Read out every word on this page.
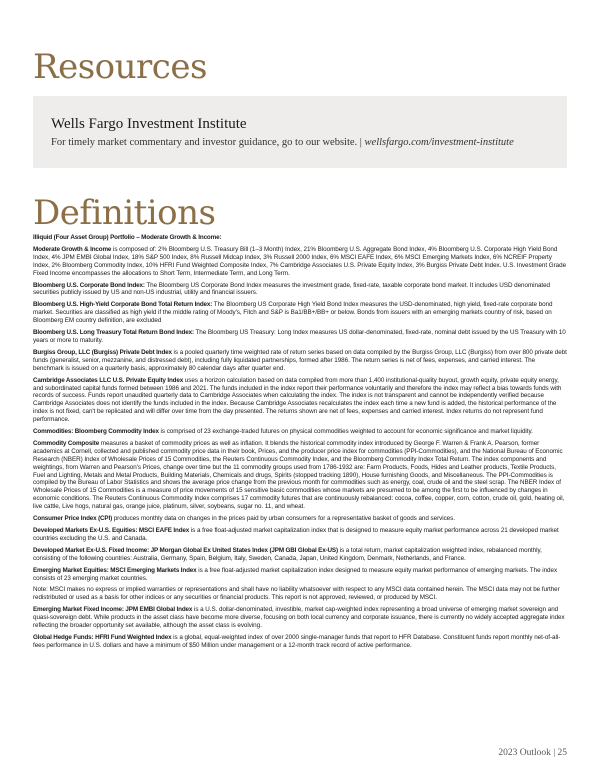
Resources
Wells Fargo Investment Institute
For timely market commentary and investor guidance, go to our website. | wellsfargo.com/investment-institute
Definitions

Illiquid (Four Asset Group) Portfolio – Moderate Growth & Income:

Moderate Growth & Income is composed of: 2% Bloomberg U.S. Treasury Bill (1–3 Month) Index, 21% Bloomberg U.S. Aggregate Bond Index, 4% Bloomberg U.S. Corporate High Yield Bond Index, 4% JPM EMBI Global Index, 18% S&P 500 Index, 8% Russell Midcap Index, 3% Russell 2000 Index, 6% MSCI EAFE Index, 6% MSCI Emerging Markets Index, 6% NCREIF Property Index, 2% Bloomberg Commodity Index, 10% HFRI Fund Weighted Composite Index, 7% Cambridge Associates U.S. Private Equity Index, 3% Burgiss Private Debt Index. U.S. Investment Grade Fixed Income encompasses the allocations to Short Term, Intermediate Term, and Long Term.

Bloomberg U.S. Corporate Bond Index: The Bloomberg US Corporate Bond Index measures the investment grade, fixed-rate, taxable corporate bond market. It includes USD denominated securities publicly issued by US and non-US industrial, utility and financial issuers.

Bloomberg U.S. High-Yield Corporate Bond Total Return Index: The Bloomberg US Corporate High Yield Bond Index measures the USD-denominated, high yield, fixed-rate corporate bond market. Securities are classified as high yield if the middle rating of Moody's, Fitch and S&P is Ba1/BB+/BB+ or below. Bonds from issuers with an emerging markets country of risk, based on Bloomberg EM country definition, are excluded

Bloomberg U.S. Long Treasury Total Return Bond Index: The Bloomberg US Treasury: Long Index measures US dollar-denominated, fixed-rate, nominal debt issued by the US Treasury with 10 years or more to maturity.

Burgiss Group, LLC (Burgiss) Private Debt Index is a pooled quarterly time weighted rate of return series based on data compiled by the Burgiss Group, LLC (Burgiss) from over 800 private debt funds (generalist, senior, mezzanine, and distressed debt), including fully liquidated partnerships, formed after 1986. The return series is net of fees, expenses, and carried interest. The benchmark is issued on a quarterly basis, approximately 80 calendar days after quarter end.

Cambridge Associates LLC U.S. Private Equity Index uses a horizon calculation based on data compiled from more than 1,400 institutional-quality buyout, growth equity, private equity energy, and subordinated capital funds formed between 1986 and 2021. The funds included in the index report their performance voluntarily and therefore the index may reflect a bias towards funds with records of success. Funds report unaudited quarterly data to Cambridge Associates when calculating the index. The index is not transparent and cannot be independently verified because Cambridge Associates does not identify the funds included in the index. Because Cambridge Associates recalculates the index each time a new fund is added, the historical performance of the index is not fixed, can't be replicated and will differ over time from the day presented. The returns shown are net of fees, expenses and carried interest. Index returns do not represent fund performance.

Commodities: Bloomberg Commodity Index is comprised of 23 exchange-traded futures on physical commodities weighted to account for economic significance and market liquidity.

Commodity Composite measures a basket of commodity prices as well as inflation. It blends the historical commodity index introduced by George F. Warren & Frank A. Pearson, former academics at Cornell, collected and published commodity price data in their book, Prices, and the producer price index for commodities (PPI-Commodities), and the National Bureau of Economic Research (NBER) Index of Wholesale Prices of 15 Commodities, the Reuters Continuous Commodity Index, and the Bloomberg Commodity Index Total Return. The index components and weightings, from Warren and Pearson's Prices, change over time but the 11 commodity groups used from 1786-1932 are: Farm Products, Foods, Hides and Leather products, Textile Products, Fuel and Lighting, Metals and Metal Products, Building Materials, Chemicals and drugs, Spirits (stopped tracking 1890), House furnishing Goods, and Miscellaneous. The PPI-Commodities is compiled by the Bureau of Labor Statistics and shows the average price change from the previous month for commodities such as energy, coal, crude oil and the steel scrap. The NBER Index of Wholesale Prices of 15 Commodities is a measure of price movements of 15 sensitive basic commodities whose markets are presumed to be among the first to be influenced by changes in economic conditions. The Reuters Continuous Commodity Index comprises 17 commodity futures that are continuously rebalanced: cocoa, coffee, copper, corn, cotton, crude oil, gold, heating oil, live cattle, Live hogs, natural gas, orange juice, platinum, silver, soybeans, sugar no. 11, and wheat.

Consumer Price Index (CPI) produces monthly data on changes in the prices paid by urban consumers for a representative basket of goods and services.

Developed Markets Ex-U.S. Equities: MSCI EAFE Index is a free float-adjusted market capitalization index that is designed to measure equity market performance across 21 developed market countries excluding the U.S. and Canada.

Developed Market Ex-U.S. Fixed Income: JP Morgan Global Ex United States Index (JPM GBI Global Ex-US) is a total return, market capitalization weighted index, rebalanced monthly, consisting of the following countries: Australia, Germany, Spain, Belgium, Italy, Sweden, Canada, Japan, United Kingdom, Denmark, Netherlands, and France.

Emerging Market Equities: MSCI Emerging Markets Index is a free float-adjusted market capitalization index designed to measure equity market performance of emerging markets. The index consists of 23 emerging market countries.

Note: MSCI makes no express or implied warranties or representations and shall have no liability whatsoever with respect to any MSCI data contained herein. The MSCI data may not be further redistributed or used as a basis for other indices or any securities or financial products. This report is not approved, reviewed, or produced by MSCI.

Emerging Market Fixed Income: JPM EMBI Global Index is a U.S. dollar-denominated, investible, market cap-weighted index representing a broad universe of emerging market sovereign and quasi-sovereign debt. While products in the asset class have become more diverse, focusing on both local currency and corporate issuance, there is currently no widely accepted aggregate index reflecting the broader opportunity set available, although the asset class is evolving.

Global Hedge Funds: HFRI Fund Weighted Index is a global, equal-weighted index of over 2000 single-manager funds that report to HFR Database. Constituent funds report monthly net-of-all-fees performance in U.S. dollars and have a minimum of $50 Million under management or a 12-month track record of active performance.

2023 Outlook | 25
